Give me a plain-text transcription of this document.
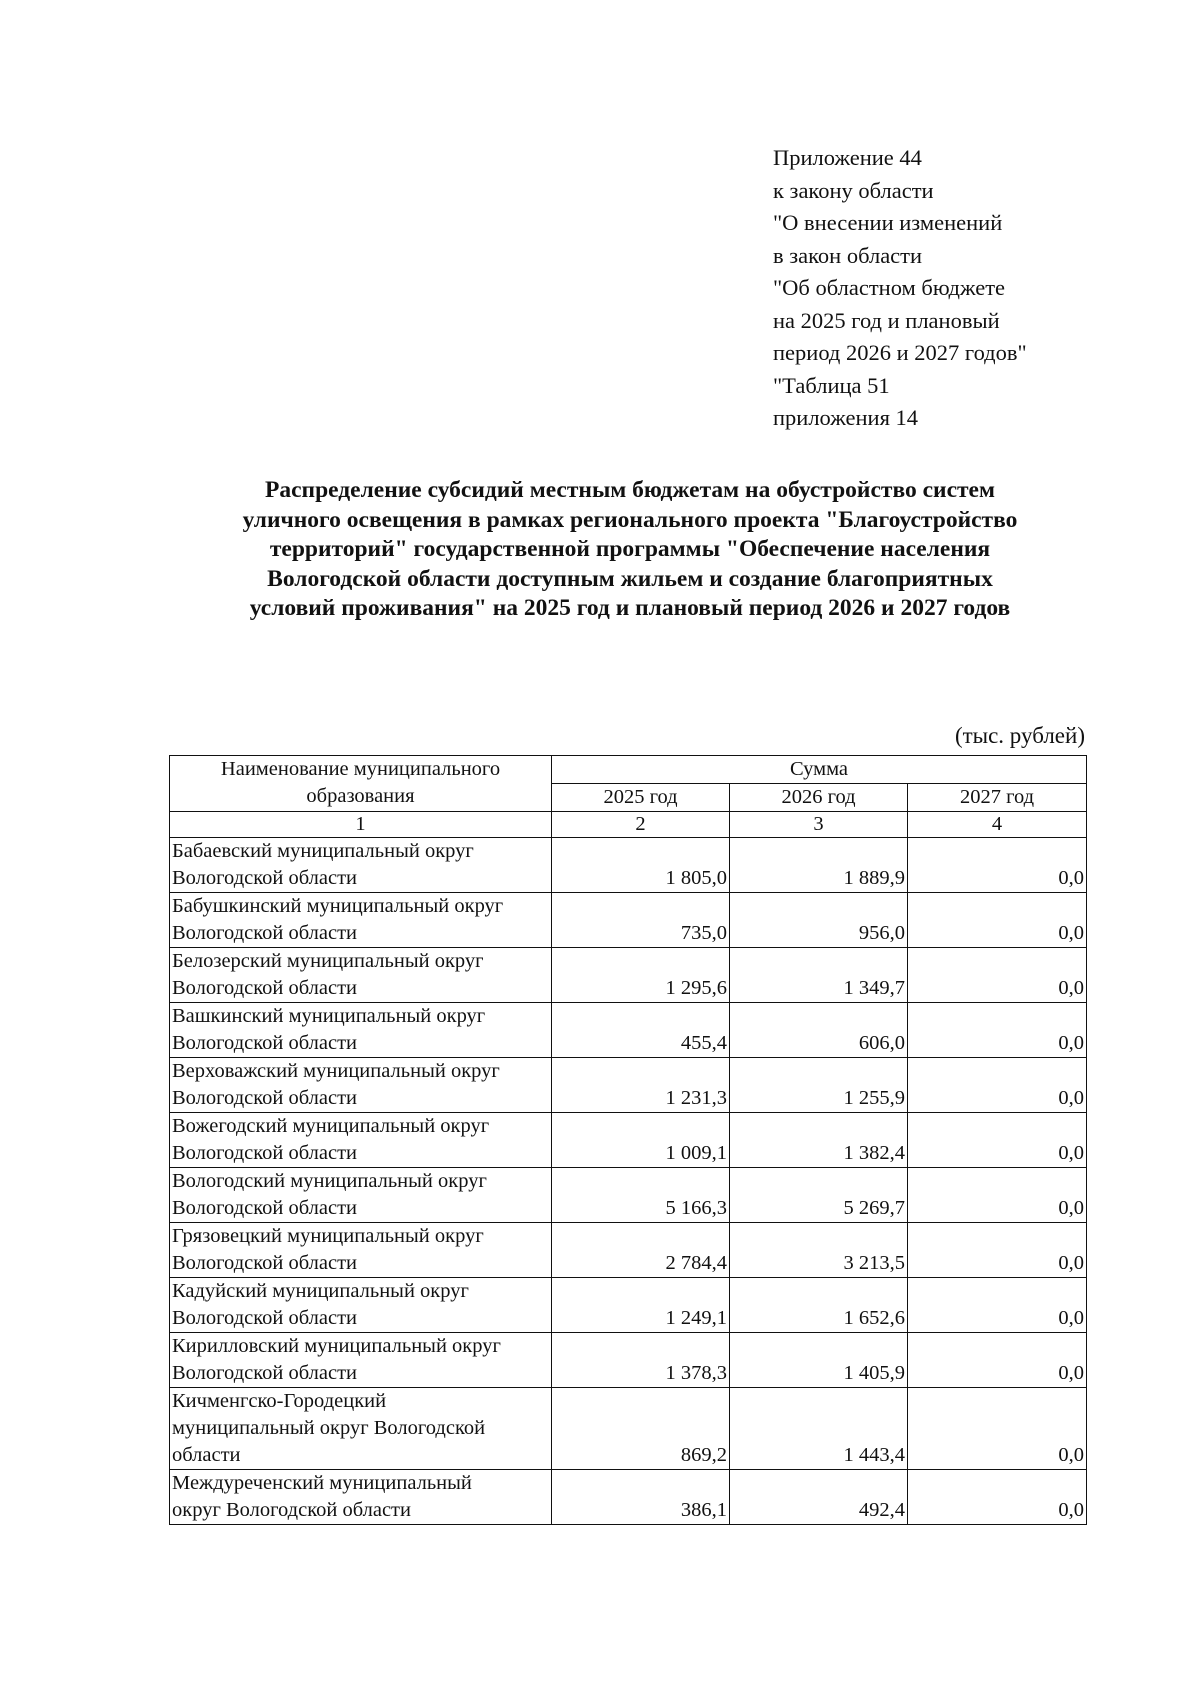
Приложение 44
к закону области
"О внесении изменений
в закон области
"Об областном бюджете
на 2025 год и плановый
период 2026 и 2027 годов"
"Таблица 51
приложения 14
Распределение субсидий местным бюджетам на обустройство систем
уличного освещения в рамках регионального проекта "Благоустройство
территорий" государственной программы "Обеспечение населения
Вологодской области доступным жильем и создание благоприятных
условий проживания" на 2025 год и плановый период 2026 и 2027 годов
(тыс. рублей)
Наименование муниципального образования	Сумма		
	2025 год	2026 год	2027 год
1	2	3	4

Бабаевский муниципальный округ
Вологодской области	1 805,0	1 889,9	0,0

Бабушкинский муниципальный округ
Вологодской области	735,0	956,0	0,0

Белозерский муниципальный округ
Вологодской области	1 295,6	1 349,7	0,0

Вашкинский муниципальный округ
Вологодской области	455,4	606,0	0,0

Верховажский муниципальный округ
Вологодской области	1 231,3	1 255,9	0,0

Вожегодский муниципальный округ
Вологодской области	1 009,1	1 382,4	0,0

Вологодский муниципальный округ
Вологодской области	5 166,3	5 269,7	0,0

Грязовецкий муниципальный округ
Вологодской области	2 784,4	3 213,5	0,0

Кадуйский муниципальный округ
Вологодской области	1 249,1	1 652,6	0,0

Кирилловский муниципальный округ
Вологодской области	1 378,3	1 405,9	0,0

Кичменгско-Городецкий
муниципальный округ Вологодской
области	869,2	1 443,4	0,0

Междуреченский муниципальный
округ Вологодской области	386,1	492,4	0,0
